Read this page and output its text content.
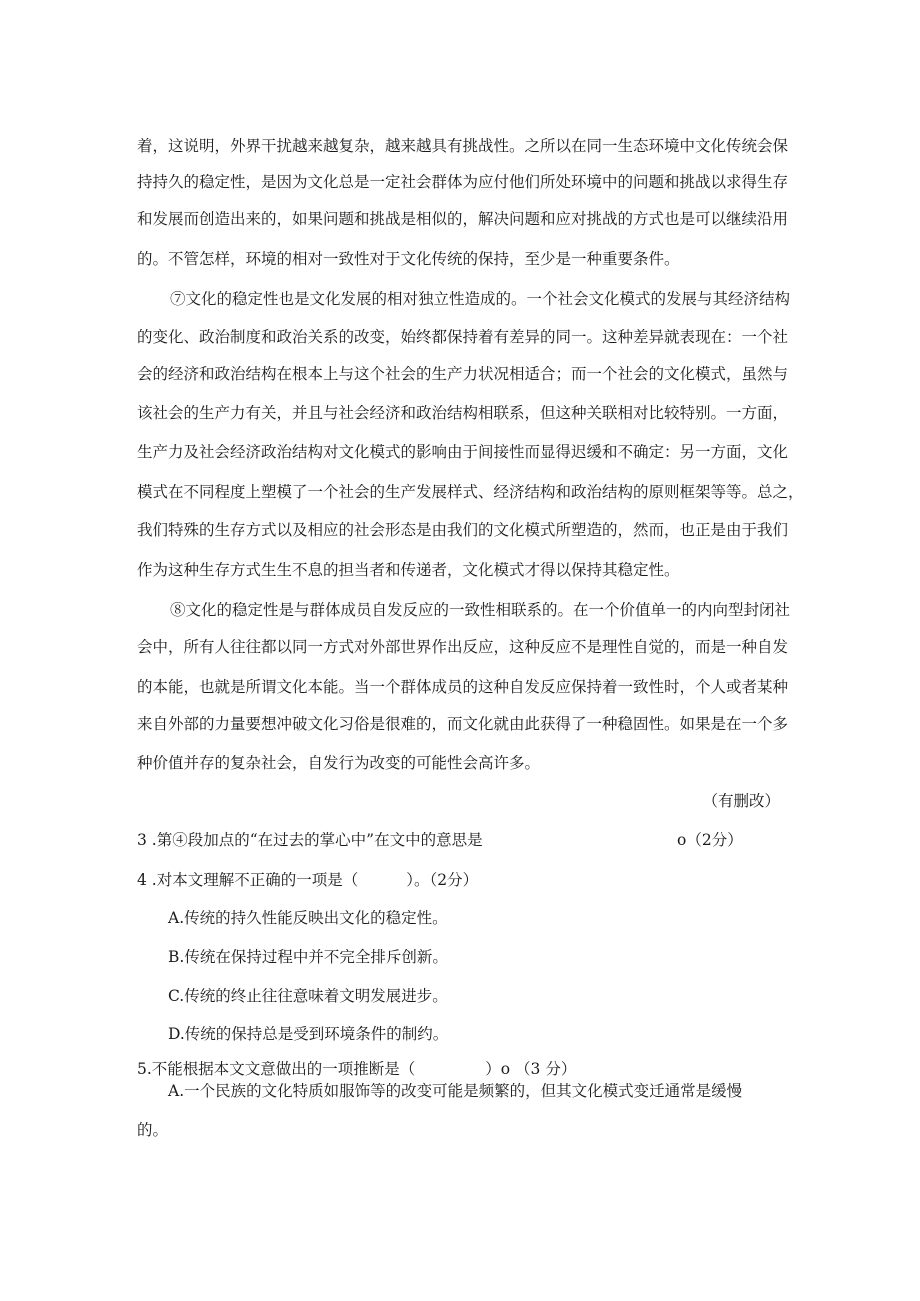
着，这说明，外界干扰越来越复杂，越来越具有挑战性。之所以在同一生态环境中文化传统会保
持持久的稳定性，是因为文化总是一定社会群体为应付他们所处环境中的问题和挑战以求得生存
和发展而创造出来的，如果问题和挑战是相似的，解决问题和应对挑战的方式也是可以继续沿用
的。不管怎样，环境的相对一致性对于文化传统的保持，至少是一种重要条件。
⑦文化的稳定性也是文化发展的相对独立性造成的。一个社会文化模式的发展与其经济结构
的变化、政治制度和政治关系的改变，始终都保持着有差异的同一。这种差异就表现在：一个社
会的经济和政治结构在根本上与这个社会的生产力状况相适合；而一个社会的文化模式，虽然与
该社会的生产力有关，并且与社会经济和政治结构相联系，但这种关联相对比较特别。一方面，
生产力及社会经济政治结构对文化模式的影响由于间接性而显得迟缓和不确定：另一方面，文化
模式在不同程度上塑模了一个社会的生产发展样式、经济结构和政治结构的原则框架等等。总之，
我们特殊的生存方式以及相应的社会形态是由我们的文化模式所塑造的，然而，也正是由于我们
作为这种生存方式生生不息的担当者和传递者，文化模式才得以保持其稳定性。
⑧文化的稳定性是与群体成员自发反应的一致性相联系的。在一个价值单一的内向型封闭社
会中，所有人往往都以同一方式对外部世界作出反应，这种反应不是理性自觉的，而是一种自发
的本能，也就是所谓文化本能。当一个群体成员的这种自发反应保持着一致性时，个人或者某种
来自外部的力量要想冲破文化习俗是很难的，而文化就由此获得了一种稳固性。如果是在一个多
种价值并存的复杂社会，自发行为改变的可能性会高许多。
（有删改）
3 .第④段加点的“在过去的掌心中”在文中的意思是	o（2分）
4 .对本文理解不正确的一项是（	）。（2分）
A.传统的持久性能反映出文化的稳定性。
B.传统在保持过程中并不完全排斥创新。
C.传统的终止往往意味着文明发展进步。
D.传统的保持总是受到环境条件的制约。
5.不能根据本文文意做出的一项推断是（	）o （3 分）
A.一个民族的文化特质如服饰等的改变可能是频繁的，但其文化模式变迁通常是缓慢
的。
